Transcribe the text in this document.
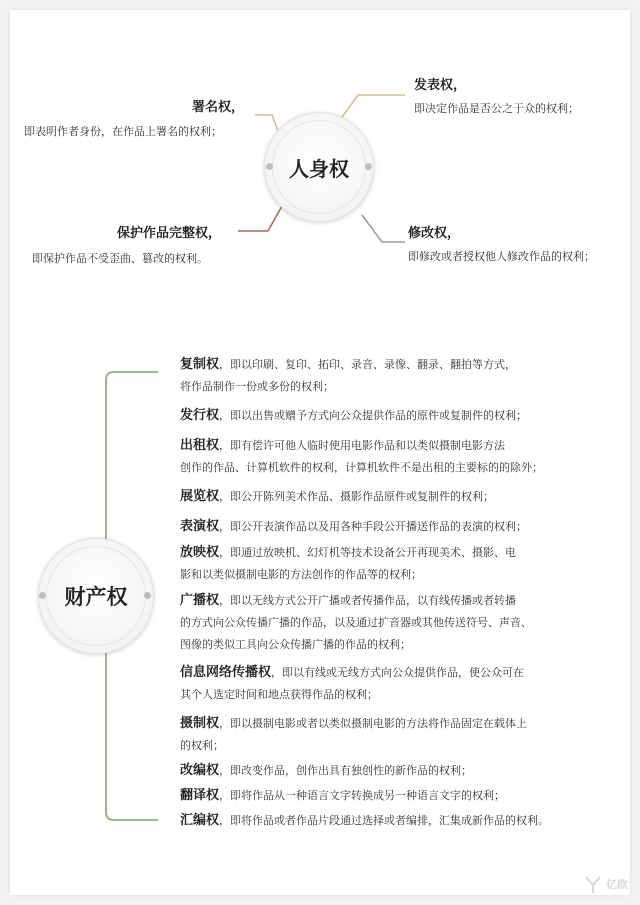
人身权
署名权，
即表明作者身份，在作品上署名的权利；
发表权，
即决定作品是否公之于众的权利；
保护作品完整权，
即保护作品不受歪曲、篡改的权利。
修改权，
即修改或者授权他人修改作品的权利；
财产权
复制权，即以印刷、复印、拓印、录音、录像、翻录、翻拍等方式，
将作品制作一份或多份的权利；
发行权，即以出售或赠予方式向公众提供作品的原件或复制件的权利；
出租权，即有偿许可他人临时使用电影作品和以类似摄制电影方法
创作的作品、计算机软件的权利，计算机软件不是出租的主要标的的除外；
展览权，即公开陈列美术作品、摄影作品原件或复制件的权利；
表演权，即公开表演作品以及用各种手段公开播送作品的表演的权利；
放映权，即通过放映机、幻灯机等技术设备公开再现美术、摄影、电
影和以类似摄制电影的方法创作的作品等的权利；
广播权，即以无线方式公开广播或者传播作品，以有线传播或者转播
的方式向公众传播广播的作品，以及通过扩音器或其他传送符号、声音、
图像的类似工具向公众传播广播的作品的权利；
信息网络传播权，即以有线或无线方式向公众提供作品，使公众可在
其个人选定时间和地点获得作品的权利；
摄制权，即以摄制电影或者以类似摄制电影的方法将作品固定在载体上
的权利；
改编权，即改变作品，创作出具有独创性的新作品的权利；
翻译权，即将作品从一种语言文字转换成另一种语言文字的权利；
汇编权，即将作品或者作品片段通过选择或者编排，汇集成新作品的权利。
亿欧
